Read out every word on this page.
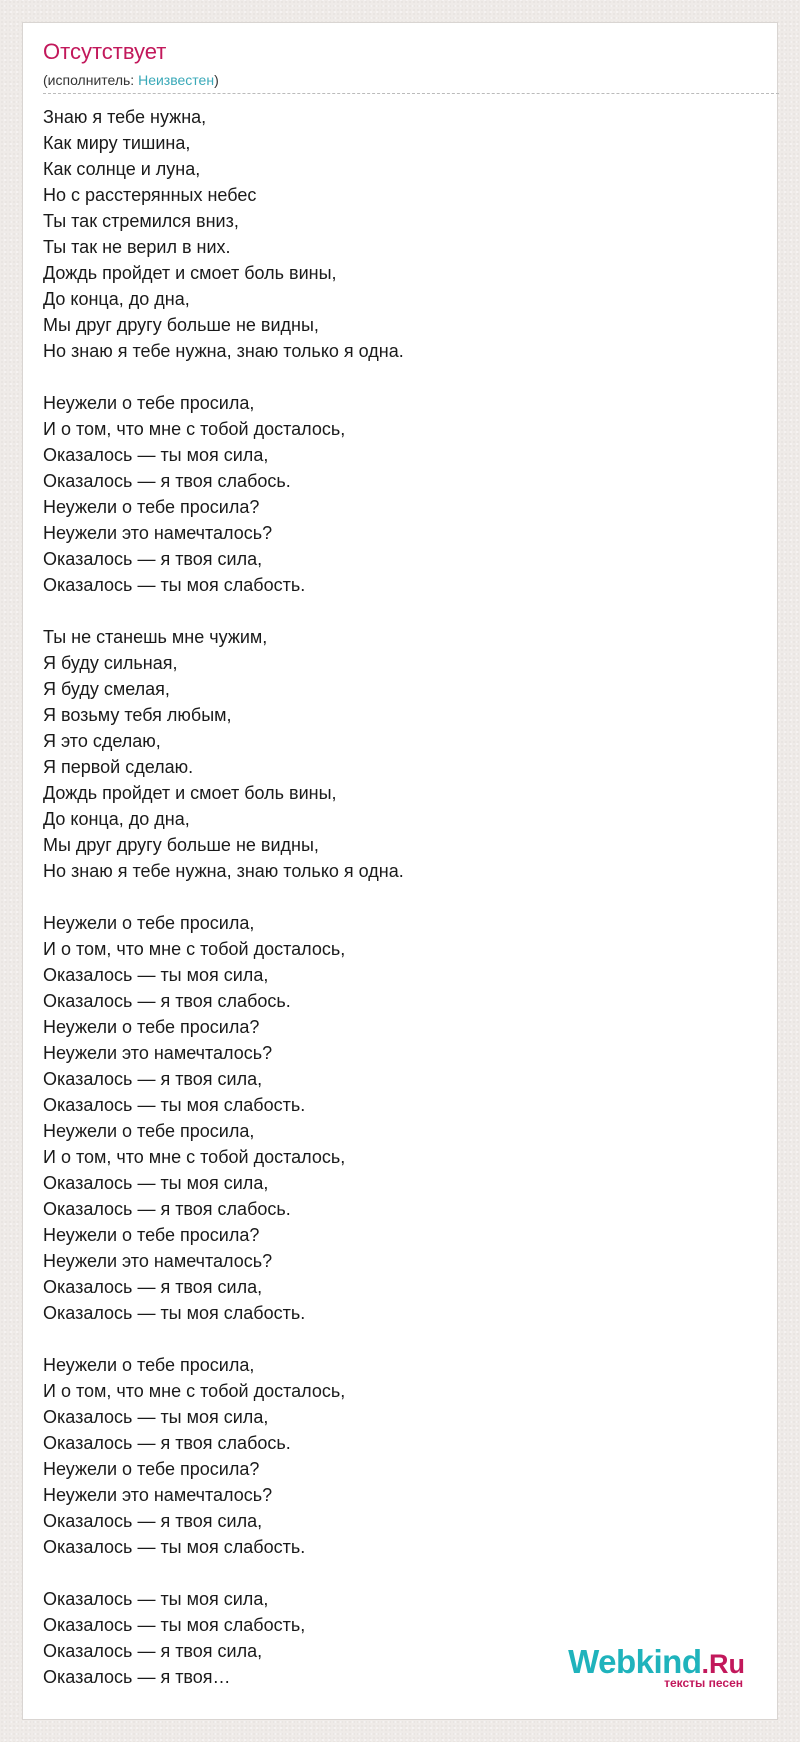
Отсутствует
(исполнитель: Неизвестен)
Знаю я тебе нужна,
Как миру тишина,
Как солнце и луна,
Но с расстерянных небес
Ты так стремился вниз,
Ты так не верил в них.
Дождь пройдет и смоет боль вины,
До конца, до дна,
Мы друг другу больше не видны,
Но знаю я тебе нужна, знаю только я одна.
Неужели о тебе просила,
И о том, что мне с тобой досталось,
Оказалось — ты моя сила,
Оказалось — я твоя слабось.
Неужели о тебе просила?
Неужели это намечталось?
Оказалось — я твоя сила,
Оказалось — ты моя слабость.
Ты не станешь мне чужим,
Я буду сильная,
Я буду смелая,
Я возьму тебя любым,
Я это сделаю,
Я первой сделаю.
Дождь пройдет и смоет боль вины,
До конца, до дна,
Мы друг другу больше не видны,
Но знаю я тебе нужна, знаю только я одна.
Неужели о тебе просила,
И о том, что мне с тобой досталось,
Оказалось — ты моя сила,
Оказалось — я твоя слабось.
Неужели о тебе просила?
Неужели это намечталось?
Оказалось — я твоя сила,
Оказалось — ты моя слабость.
Неужели о тебе просила,
И о том, что мне с тобой досталось,
Оказалось — ты моя сила,
Оказалось — я твоя слабось.
Неужели о тебе просила?
Неужели это намечталось?
Оказалось — я твоя сила,
Оказалось — ты моя слабость.
Неужели о тебе просила,
И о том, что мне с тобой досталось,
Оказалось — ты моя сила,
Оказалось — я твоя слабось.
Неужели о тебе просила?
Неужели это намечталось?
Оказалось — я твоя сила,
Оказалось — ты моя слабость.
Оказалось — ты моя сила,
Оказалось — ты моя слабость,
Оказалось — я твоя сила,
Оказалось — я твоя…	Webkind.Ru
тексты песен
